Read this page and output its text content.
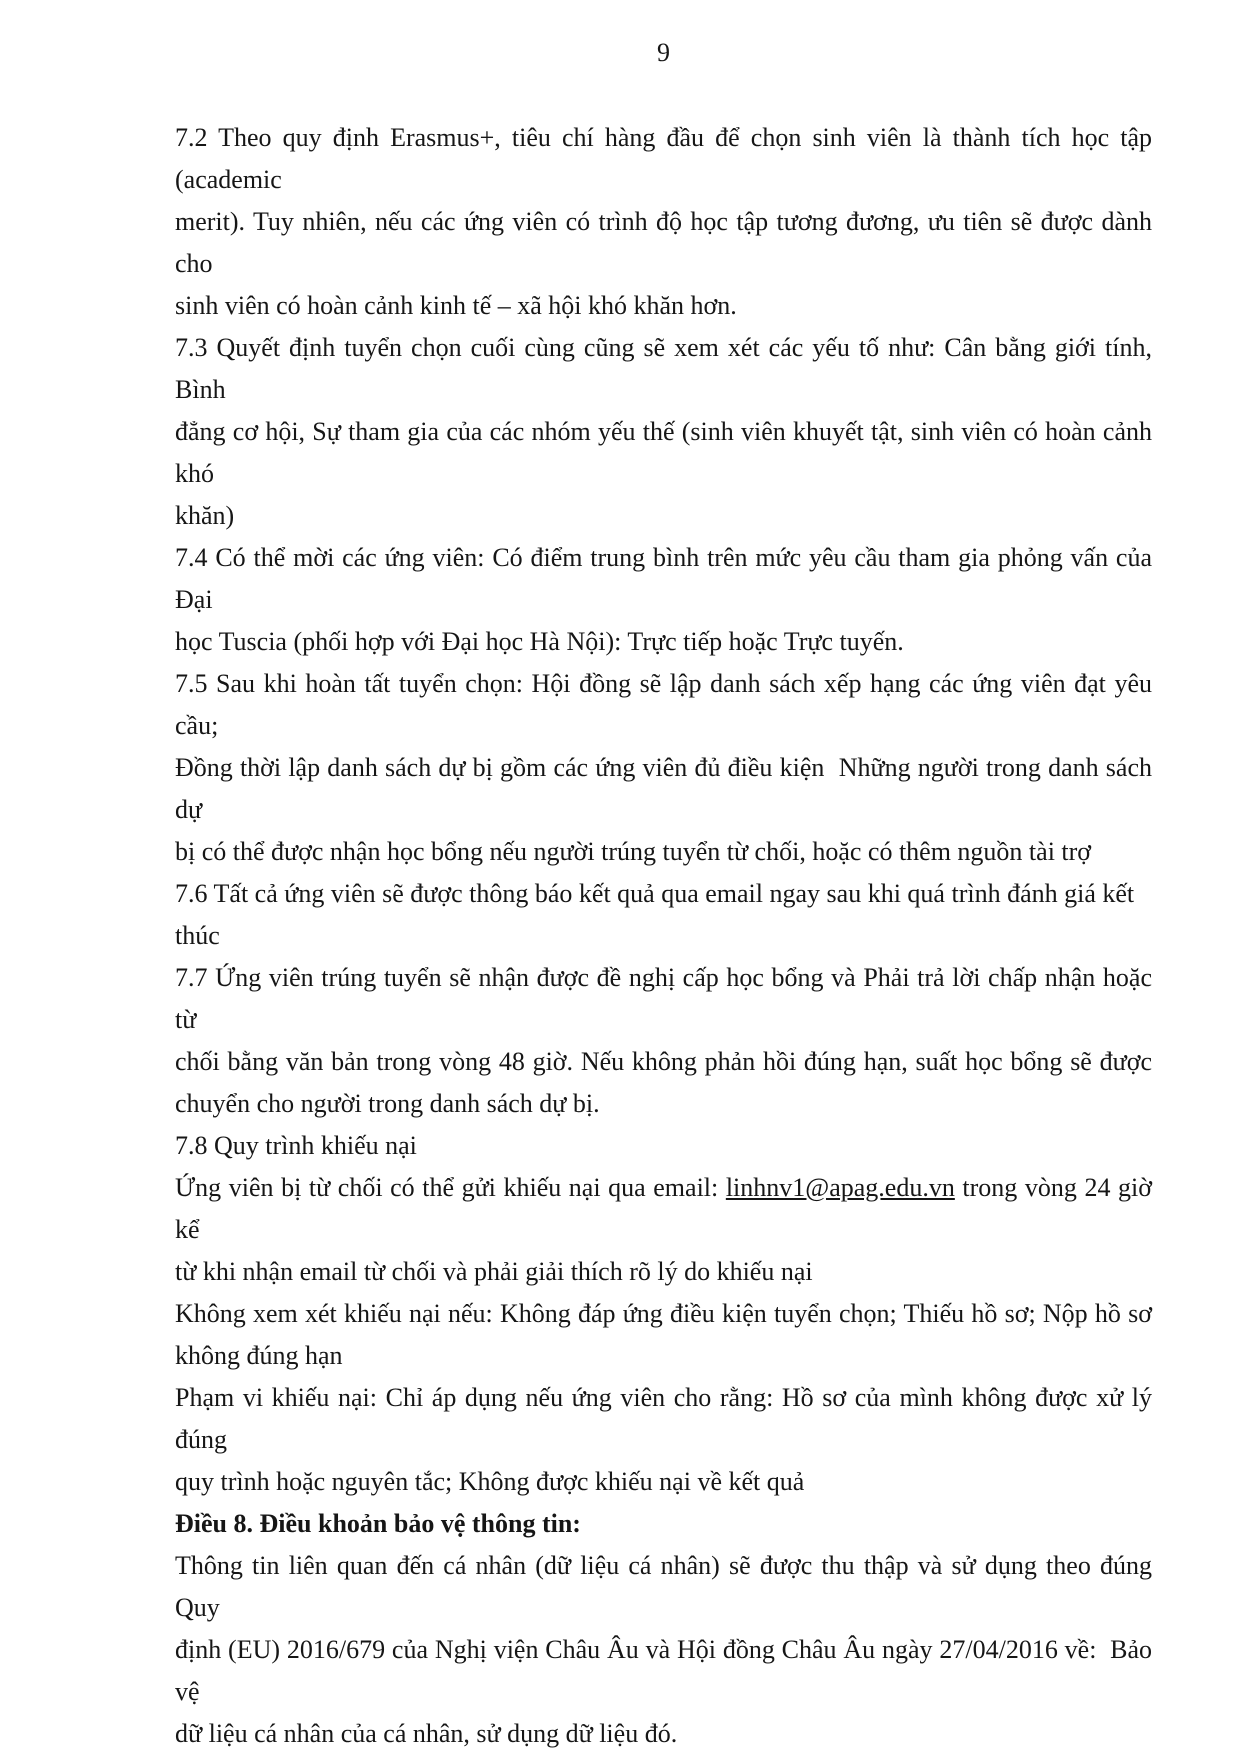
9
7.2 Theo quy định Erasmus+, tiêu chí hàng đầu để chọn sinh viên là thành tích học tập (academic
merit). Tuy nhiên, nếu các ứng viên có trình độ học tập tương đương, ưu tiên sẽ được dành cho
sinh viên có hoàn cảnh kinh tế – xã hội khó khăn hơn.
7.3 Quyết định tuyển chọn cuối cùng cũng sẽ xem xét các yếu tố như: Cân bằng giới tính, Bình
đẳng cơ hội, Sự tham gia của các nhóm yếu thế (sinh viên khuyết tật, sinh viên có hoàn cảnh khó
khăn)
7.4 Có thể mời các ứng viên: Có điểm trung bình trên mức yêu cầu tham gia phỏng vấn của Đại
học Tuscia (phối hợp với Đại học Hà Nội): Trực tiếp hoặc Trực tuyến.
7.5 Sau khi hoàn tất tuyển chọn: Hội đồng sẽ lập danh sách xếp hạng các ứng viên đạt yêu cầu;
Đồng thời lập danh sách dự bị gồm các ứng viên đủ điều kiện  Những người trong danh sách dự
bị có thể được nhận học bổng nếu người trúng tuyển từ chối, hoặc có thêm nguồn tài trợ
7.6 Tất cả ứng viên sẽ được thông báo kết quả qua email ngay sau khi quá trình đánh giá kết thúc
7.7 Ứng viên trúng tuyển sẽ nhận được đề nghị cấp học bổng và Phải trả lời chấp nhận hoặc từ
chối bằng văn bản trong vòng 48 giờ. Nếu không phản hồi đúng hạn, suất học bổng sẽ được
chuyển cho người trong danh sách dự bị.
7.8 Quy trình khiếu nại
Ứng viên bị từ chối có thể gửi khiếu nại qua email: linhnv1@apag.edu.vn trong vòng 24 giờ kể
từ khi nhận email từ chối và phải giải thích rõ lý do khiếu nại
Không xem xét khiếu nại nếu: Không đáp ứng điều kiện tuyển chọn; Thiếu hồ sơ; Nộp hồ sơ
không đúng hạn
Phạm vi khiếu nại: Chỉ áp dụng nếu ứng viên cho rằng: Hồ sơ của mình không được xử lý đúng
quy trình hoặc nguyên tắc; Không được khiếu nại về kết quả
Điều 8. Điều khoản bảo vệ thông tin:
Thông tin liên quan đến cá nhân (dữ liệu cá nhân) sẽ được thu thập và sử dụng theo đúng Quy
định (EU) 2016/679 của Nghị viện Châu Âu và Hội đồng Châu Âu ngày 27/04/2016 về:  Bảo vệ
dữ liệu cá nhân của cá nhân, sử dụng dữ liệu đó.
